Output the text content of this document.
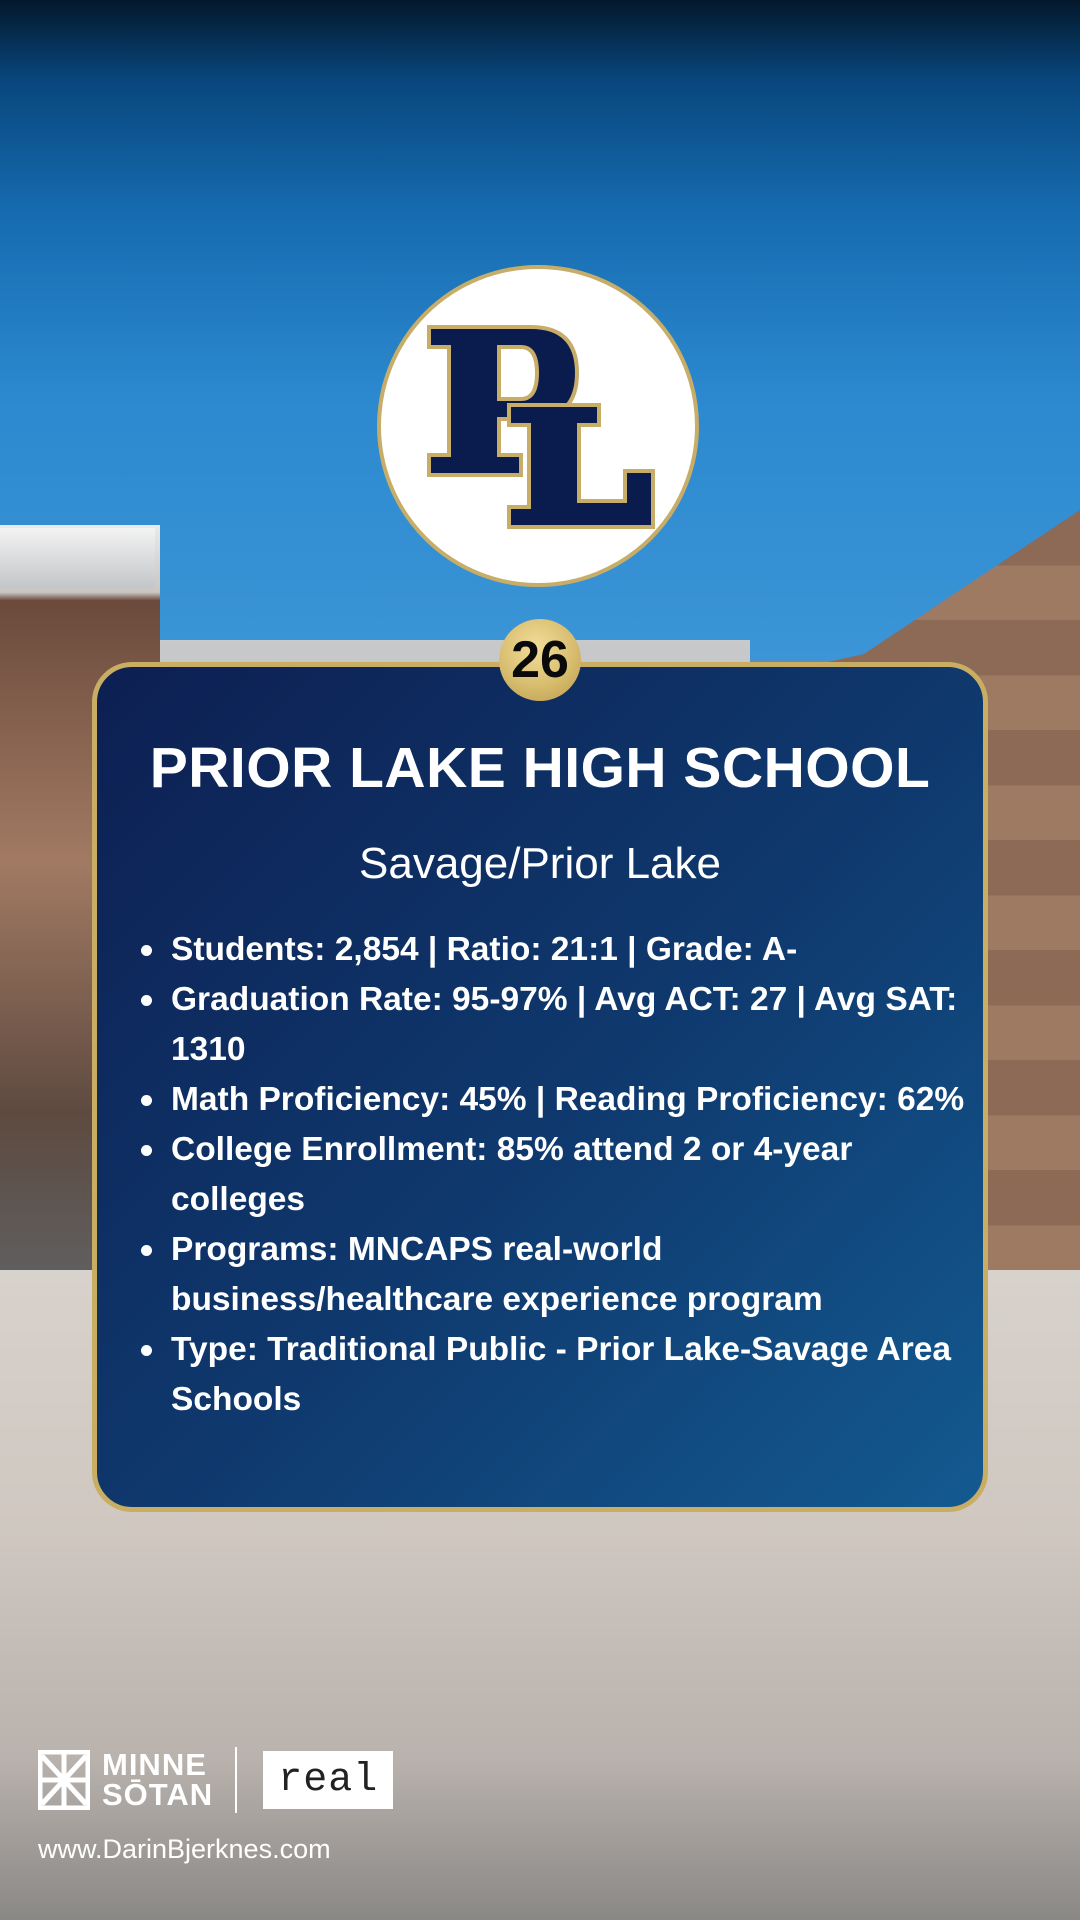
26
PRIOR LAKE HIGH SCHOOL
Savage/Prior Lake
Students: 2,854 | Ratio: 21:1 | Grade: A-
Graduation Rate: 95-97% | Avg ACT: 27 | Avg SAT: 1310
Math Proficiency: 45% | Reading Proficiency: 62%
College Enrollment: 85% attend 2 or 4-year colleges
Programs: MNCAPS real-world business/healthcare experience program
Type: Traditional Public - Prior Lake-Savage Area Schools
MINNE
SŌTAN	real
www.DarinBjerknes.com
